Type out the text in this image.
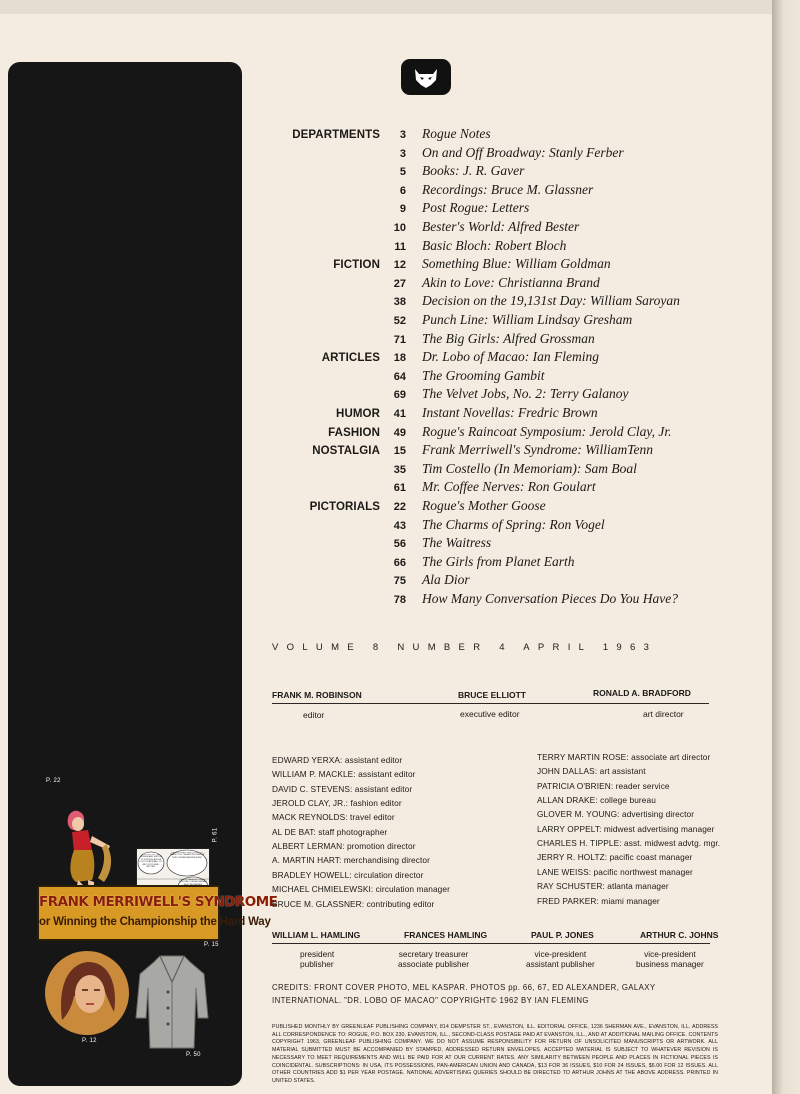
P. 22
IF YOU'D CUT OUT COFFEE AND SWITCH TO POSTUM, AS THE DOCTOR ADVISED, I'LL BET YOU'D FEEL BETTER!
OH, ALL RIGHT. I WILL! JUST TO THANK YOU! THERE'S NOTHING IN THIS COFFEE-NERVES BUNK!
KEEP CHANGING! DRINK POSTUM! COFFEE NERVES
P. 61
FRANK MERRIWELL'S SYNDROME
or Winning the Championship the Hard Way
P. 15
P. 12
P. 50
DEPARTMENTS 3 Rogue Notes
3 On and Off Broadway: Stanly Ferber
5 Books: J. R. Gaver
6 Recordings: Bruce M. Glassner
9 Post Rogue: Letters
10 Bester's World: Alfred Bester
11 Basic Bloch: Robert Bloch
FICTION 12 Something Blue: William Goldman
27 Akin to Love: Christianna Brand
38 Decision on the 19,131st Day: William Saroyan
52 Punch Line: William Lindsay Gresham
71 The Big Girls: Alfred Grossman
ARTICLES 18 Dr. Lobo of Macao: Ian Fleming
64 The Grooming Gambit
69 The Velvet Jobs, No. 2: Terry Galanoy
HUMOR 41 Instant Novellas: Fredric Brown
FASHION 49 Rogue's Raincoat Symposium: Jerold Clay, Jr.
NOSTALGIA 15 Frank Merriwell's Syndrome: WilliamTenn
35 Tim Costello (In Memoriam): Sam Boal
61 Mr. Coffee Nerves: Ron Goulart
PICTORIALS 22 Rogue's Mother Goose
43 The Charms of Spring: Ron Vogel
56 The Waitress
66 The Girls from Planet Earth
75 Ala Dior
78 How Many Conversation Pieces Do You Have?
VOLUME 8 NUMBER 4 APRIL 1963
FRANK M. ROBINSON	BRUCE ELLIOTT	RONALD A. BRADFORD
editor	executive editor	art director
EDWARD YERXA: assistant editor
WILLIAM P. MACKLE: assistant editor
DAVID C. STEVENS: assistant editor
JEROLD CLAY, JR.: fashion editor
MACK REYNOLDS: travel editor
AL DE BAT: staff photographer
ALBERT LERMAN: promotion director
A. MARTIN HART: merchandising director
BRADLEY HOWELL: circulation director
MICHAEL CHMIELEWSKI: circulation manager
BRUCE M. GLASSNER: contributing editor
TERRY MARTIN ROSE: associate art director
JOHN DALLAS: art assistant
PATRICIA O'BRIEN: reader service
ALLAN DRAKE: college bureau
GLOVER M. YOUNG: advertising director
LARRY OPPELT: midwest advertising manager
CHARLES H. TIPPLE: asst. midwest advtg. mgr.
JERRY R. HOLTZ: pacific coast manager
LANE WEISS: pacific northwest manager
RAY SCHUSTER: atlanta manager
FRED PARKER: miami manager
WILLIAM L. HAMLING
president
publisher
FRANCES HAMLING
secretary treasurer
associate publisher
PAUL P. JONES
vice-president
assistant publisher
ARTHUR C. JOHNS
vice-president
business manager
CREDITS: FRONT COVER PHOTO, MEL KASPAR. PHOTOS pp. 66, 67, ED ALEXANDER, GALAXY INTERNATIONAL. "DR. LOBO OF MACAO" COPYRIGHT© 1962 BY IAN FLEMING
PUBLISHED MONTHLY BY GREENLEAF PUBLISHING COMPANY, 814 DEMPSTER ST., EVANSTON, ILL. EDITORIAL OFFICE, 1236 SHERMAN AVE., EVANSTON, ILL. ADDRESS ALL CORRESPONDENCE TO: ROGUE, P.O. BOX 230, EVANSTON, ILL., SECOND-CLASS POSTAGE PAID AT EVANSTON, ILL., AND AT ADDITIONAL MAILING OFFICE. CONTENTS COPYRIGHT 1963, GREENLEAF PUBLISHING COMPANY. WE DO NOT ASSUME RESPONSIBILITY FOR RETURN OF UNSOLICITED MANUSCRIPTS OR ARTWORK. ALL MATERIAL SUBMITTED MUST BE ACCOMPANIED BY STAMPED, ADDRESSED RETURN ENVELOPES. ACCEPTED MATERIAL IS SUBJECT TO WHATEVER REVISION IS NECESSARY TO MEET REQUIREMENTS AND WILL BE PAID FOR AT OUR CURRENT RATES. ANY SIMILARITY BETWEEN PEOPLE AND PLACES IN FICTIONAL PIECES IS COINCIDENTAL. SUBSCRIPTIONS: IN USA, ITS POSSESSIONS, PAN-AMERICAN UNION AND CANADA, $13 FOR 36 ISSUES, $10 FOR 24 ISSUES, $6.00 FOR 12 ISSUES. ALL OTHER COUNTRIES ADD $1 PER YEAR POSTAGE. NATIONAL ADVERTISING QUERIES SHOULD BE DIRECTED TO ARTHUR JOHNS AT THE ABOVE ADDRESS. PRINTED IN UNITED STATES.
